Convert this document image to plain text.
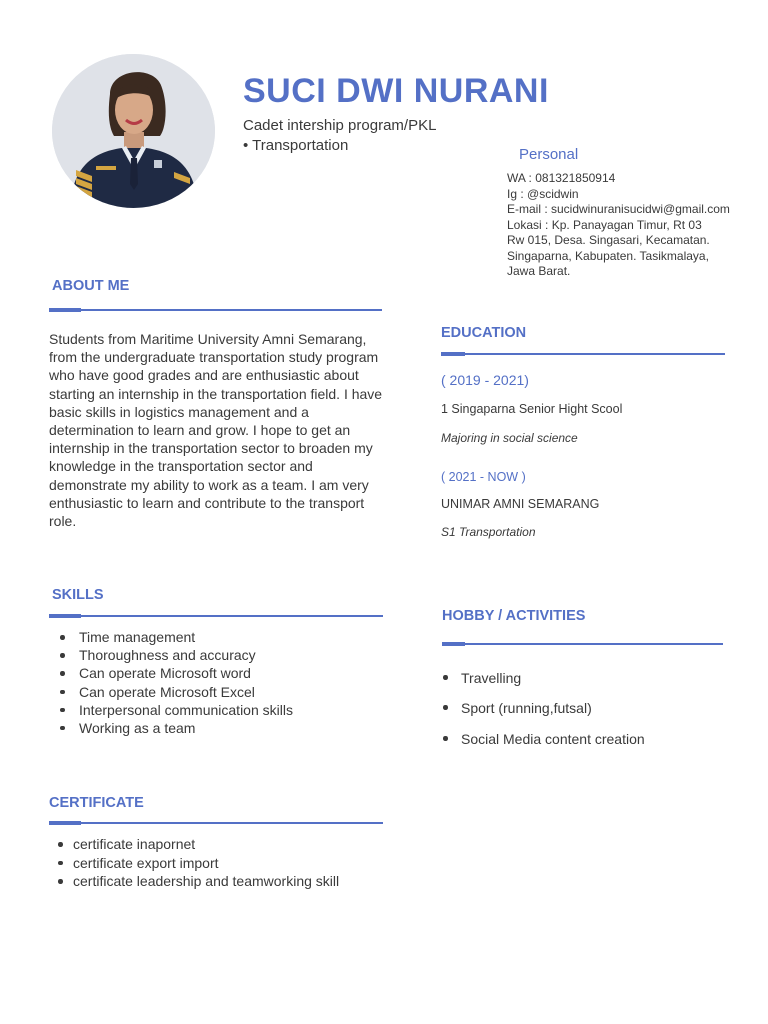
SUCI DWI NURANI
Cadet intership program/PKL
• Transportation
Personal
WA : 081321850914
Ig : @scidwin
E-mail : sucidwinuranisucidwi@gmail.com
Lokasi : Kp. Panayagan Timur, Rt 03 Rw 015, Desa. Singasari, Kecamatan. Singaparna, Kabupaten. Tasikmalaya, Jawa Barat.
ABOUT ME
Students from Maritime University Amni Semarang, from the undergraduate transportation study program who have good grades and are enthusiastic about starting an internship in the transportation field. I have basic skills in logistics management and a determination to learn and grow. I hope to get an internship in the transportation sector to broaden my knowledge in the transportation sector and demonstrate my ability to work as a team. I am very enthusiastic to learn and contribute to the transport role.
EDUCATION
( 2019 - 2021)
1 Singaparna Senior Hight Scool
Majoring in social science
( 2021 - NOW )
UNIMAR AMNI SEMARANG
S1 Transportation
SKILLS
Time management
Thoroughness and accuracy
Can operate Microsoft word
Can operate Microsoft Excel
Interpersonal communication skills
Working as a team
HOBBY / ACTIVITIES
Travelling
Sport (running,futsal)
Social Media content creation
CERTIFICATE
certificate inapornet
certificate export import
certificate leadership and teamworking skill
